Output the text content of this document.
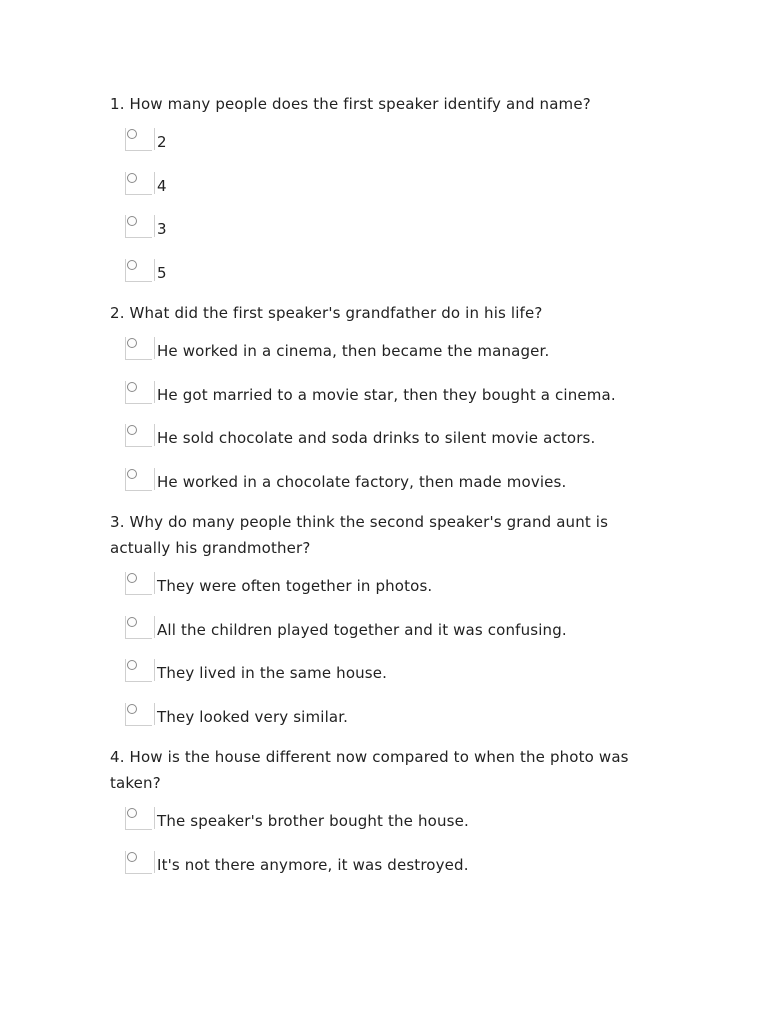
1. How many people does the first speaker identify and name?
2
4
3
5
2. What did the first speaker's grandfather do in his life?
He worked in a cinema, then became the manager.
He got married to a movie star, then they bought a cinema.
He sold chocolate and soda drinks to silent movie actors.
He worked in a chocolate factory, then made movies.
3. Why do many people think the second speaker's grand aunt is actually his grandmother?
They were often together in photos.
All the children played together and it was confusing.
They lived in the same house.
They looked very similar.
4. How is the house different now compared to when the photo was taken?
The speaker's brother bought the house.
It's not there anymore, it was destroyed.
